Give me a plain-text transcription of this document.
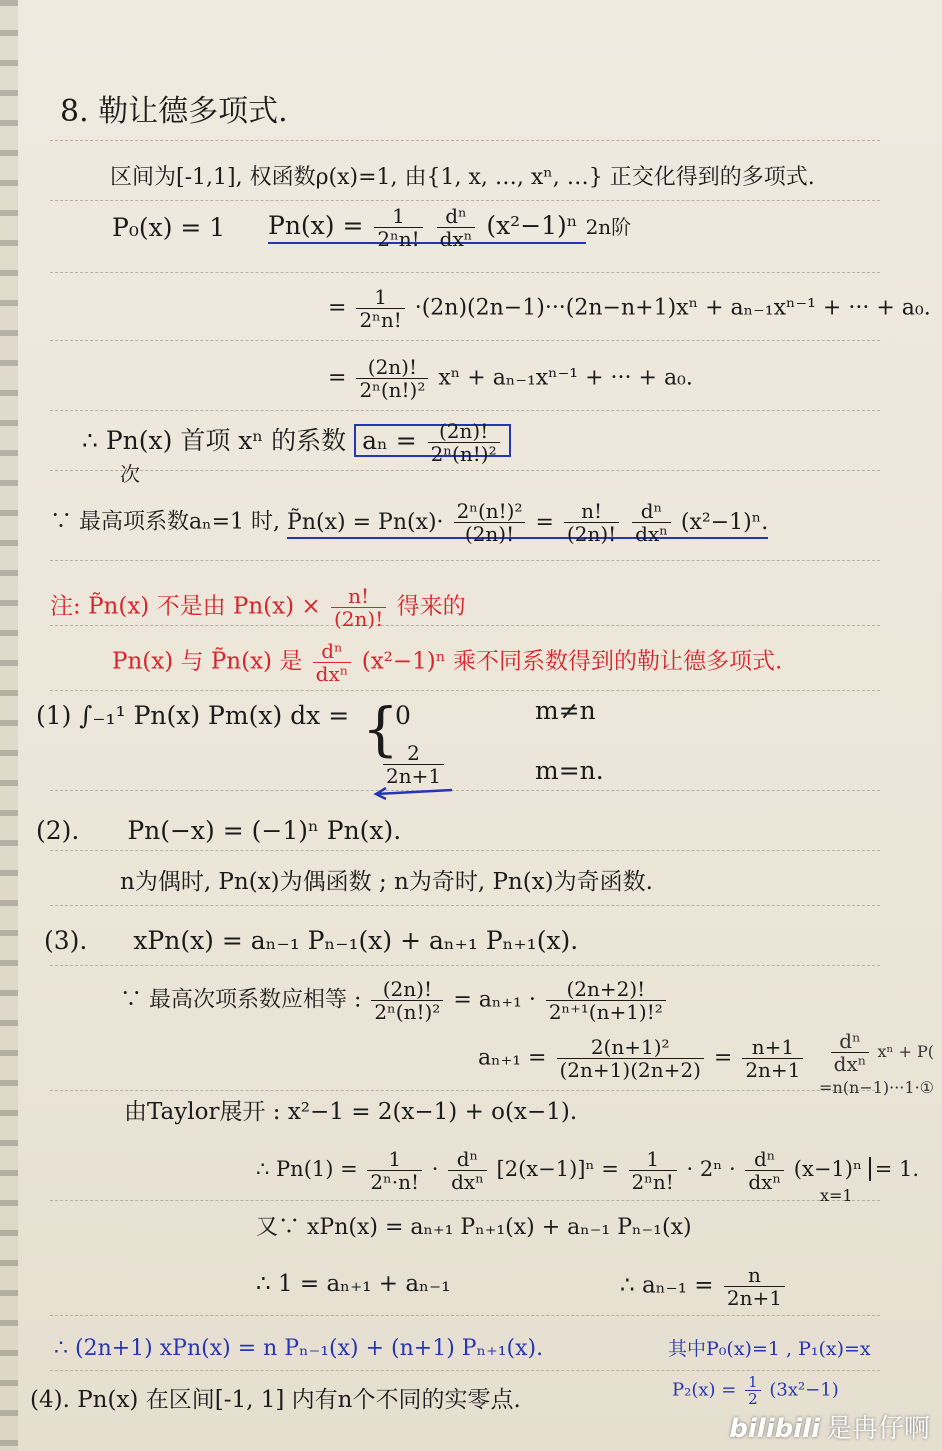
8. 勒让德多项式.
区间为[-1,1], 权函数ρ(x)=1, 由{1, x, …, xⁿ, …} 正交化得到的多项式.
P₀(x) = 1 $Pn(x) = \frac{1}{\text{2ⁿn!}}$
$\frac{\text{dⁿ}}{\text{dxⁿ}} (x^2-1)^n$ 2n阶
= $\frac{1}{\text{2ⁿn!}} \cdot(2n)(2n-1)\cdot\cdot\cdot(2n-n+1)x^n + a_{n-1}x^{n-1}$ + ··· + a₀.
= $\frac{(2n)!}{\text{2ⁿ(n!)²}}$ xⁿ + aₙ₋₁xⁿ⁻¹ + ··· + a₀.
∴ Pn(x) 首项 xⁿ 的系数 $a_n = \frac{(2n)!}{\text{2ⁿ(n!)²}}$
次
∵ 最高项系数aₙ=1 时, P̃n(x) = $Pn(x)\cdot \frac{\text{2ⁿ(n!)²}}{(2n)!} = \frac{n!}{(2n)!}$
$\frac{\text{dⁿ}}{\text{dxⁿ}} (x^2-1)^n$.
注: P̃n(x) 不是由 $Pn(x) \times \frac{n!}{(2n)!}$ 得来的
Pn(x) 与 P̃n(x) 是 $\frac{\text{dⁿ}}{\text{dxⁿ}} (x^2-1)^n$ 乘不同系数得到的勒让德多项式.
(1) ∫₋₁¹ Pn(x) Pm(x) dx = {
0	m≠n
$\frac{2}{2n+1}$	m=n.
(2). Pn(−x) = (−1)ⁿ Pn(x).
n为偶时, Pn(x)为偶函数 ; n为奇时, Pn(x)为奇函数.
(3). xPn(x) = aₙ₋₁ Pₙ₋₁(x) + aₙ₊₁ Pₙ₊₁(x).
∵ 最高次项系数应相等 : $\frac{(2n)!}{\text{2ⁿ(n!)²}} = a_{n+1} \cdot \frac{(2n+2)!}{\text{2ⁿ⁺¹(n+1)!²}}$
$a_{n+1} = \frac{\text{2(n+1)²}}{(2n+1)(2n+2)} = \frac{n+1}{2n+1} \frac{\text{dⁿ}}{\text{dxⁿ}}$ xⁿ + P(
=n(n−1)···1·①
由Taylor展开 : x²−1 = 2(x−1) + o(x−1).
∴ $Pn(1) = \frac{1}{\text{2ⁿ·n!}} \cdot \frac{\text{dⁿ}}{\text{dxⁿ}} [2(x-1)]^n = \frac{1}{\text{2ⁿn!}} \cdot 2^n \cdot \frac{\text{dⁿ}}{\text{dxⁿ}} (x-1)^n = 1$.
x=1
又∵ xPn(x) = aₙ₊₁ Pₙ₊₁(x) + aₙ₋₁ Pₙ₋₁(x)
∴ 1 = aₙ₊₁ + aₙ₋₁	∴ $a_{n-1} = \frac{n}{2n+1}$
∴ (2n+1) xPn(x) = n Pₙ₋₁(x) + (n+1) Pₙ₊₁(x).	其中P₀(x)=1 , P₁(x)=x
$P_2(x) = \frac{1}{2} (3x^2-1)$
(4). Pn(x) 在区间[-1, 1] 内有n个不同的实零点.
bilibili 是冉仔啊
